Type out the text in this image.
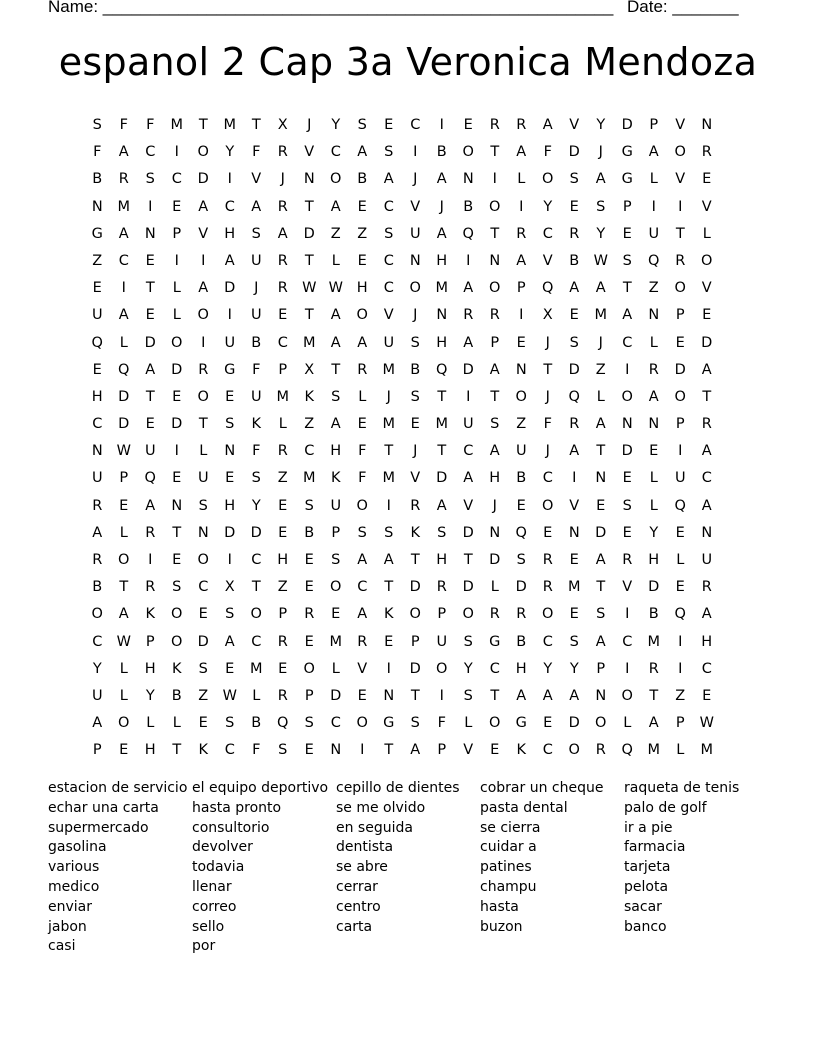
Name: ______________________________________________________ Date: _______
espanol 2 Cap 3a Veronica Mendoza
S	F	F	M	T	M	T	X	J	Y	S	E	C	I	E	R	R	A	V	Y	D	P	V	N
F	A	C	I	O	Y	F	R	V	C	A	S	I	B	O	T	A	F	D	J	G	A	O	R
B	R	S	C	D	I	V	J	N	O	B	A	J	A	N	I	L	O	S	A	G	L	V	E
N	M	I	E	A	C	A	R	T	A	E	C	V	J	B	O	I	Y	E	S	P	I	I	V
G	A	N	P	V	H	S	A	D	Z	Z	S	U	A	Q	T	R	C	R	Y	E	U	T	L
Z	C	E	I	I	A	U	R	T	L	E	C	N	H	I	N	A	V	B W	S	Q	R	O
E	I	T	L	A	D	J	R W W H	C	O	M	A	O	P	Q	A	A	T	Z	O	V
U	A	E	L	O	I	U	E	T	A	O	V	J	N	R	R	I	X	E	M	A	N	P	E
Q	L	D	O	I	U	B	C	M	A	A	U	S	H	A	P	E	J	S	J	C	L	E	D
E	Q	A	D	R	G	F	P	X	T	R	M	B	Q	D	A	N	T	D	Z	I	R	D	A
H	D	T	E	O	E	U	M	K	S	L	J	S	T	I	T	O	J	Q	L	O	A	O	T
C	D	E	D	T	S	K	L	Z	A	E	M	E	M	U	S	Z	F	R	A	N	N	P	R
N W U	I	L	N	F	R	C	H	F	T	J	T	C	A	U	J	A	T	D	E	I	A
U	P	Q	E	U	E	S	Z	M	K	F	M	V	D	A	H	B	C	I	N	E	L	U	C
R	E	A	N	S	H	Y	E	S	U	O	I	R	A	V	J	E	O	V	E	S	L	Q	A
A	L	R	T	N	D	D	E	B	P	S	S	K	S	D	N	Q	E	N	D	E	Y	E	N
R	O	I	E	O	I	C	H	E	S	A	A	T	H	T	D	S	R	E	A	R	H	L	U
B	T	R	S	C	X	T	Z	E	O	C	T	D	R	D	L	D	R	M	T	V	D	E	R
O	A	K	O	E	S	O	P	R	E	A	K	O	P	O	R	R	O	E	S	I	B	Q	A
C W	P	O	D	A	C	R	E	M	R	E	P	U	S	G	B	C	S	A	C	M	I	H
Y	L	H	K	S	E	M	E	O	L	V	I	D	O	Y	C	H	Y	Y	P	I	R	I	C
U	L	Y	B	Z W	L	R	P	D	E	N	T	I	S	T	A	A	A	N	O	T	Z	E
A	O	L	L	E	S	B	Q	S	C	O	G	S	F	L	O	G	E	D	O	L	A	P	W
P	E	H	T	K	C	F	S	E	N	I	T	A	P	V	E	K	C	O	R	Q	M	L	M
estacion de servicio
echar una carta
supermercado
gasolina
various
medico
enviar
jabon
casi
el equipo deportivo
hasta pronto
consultorio
devolver
todavia
llenar
correo
sello
por
cepillo de dientes
se me olvido
en seguida
dentista
se abre
cerrar
centro
carta
cobrar un cheque
pasta dental
se cierra
cuidar a
patines
champu
hasta
buzon
raqueta de tenis
palo de golf
ir a pie
farmacia
tarjeta
pelota
sacar
banco
